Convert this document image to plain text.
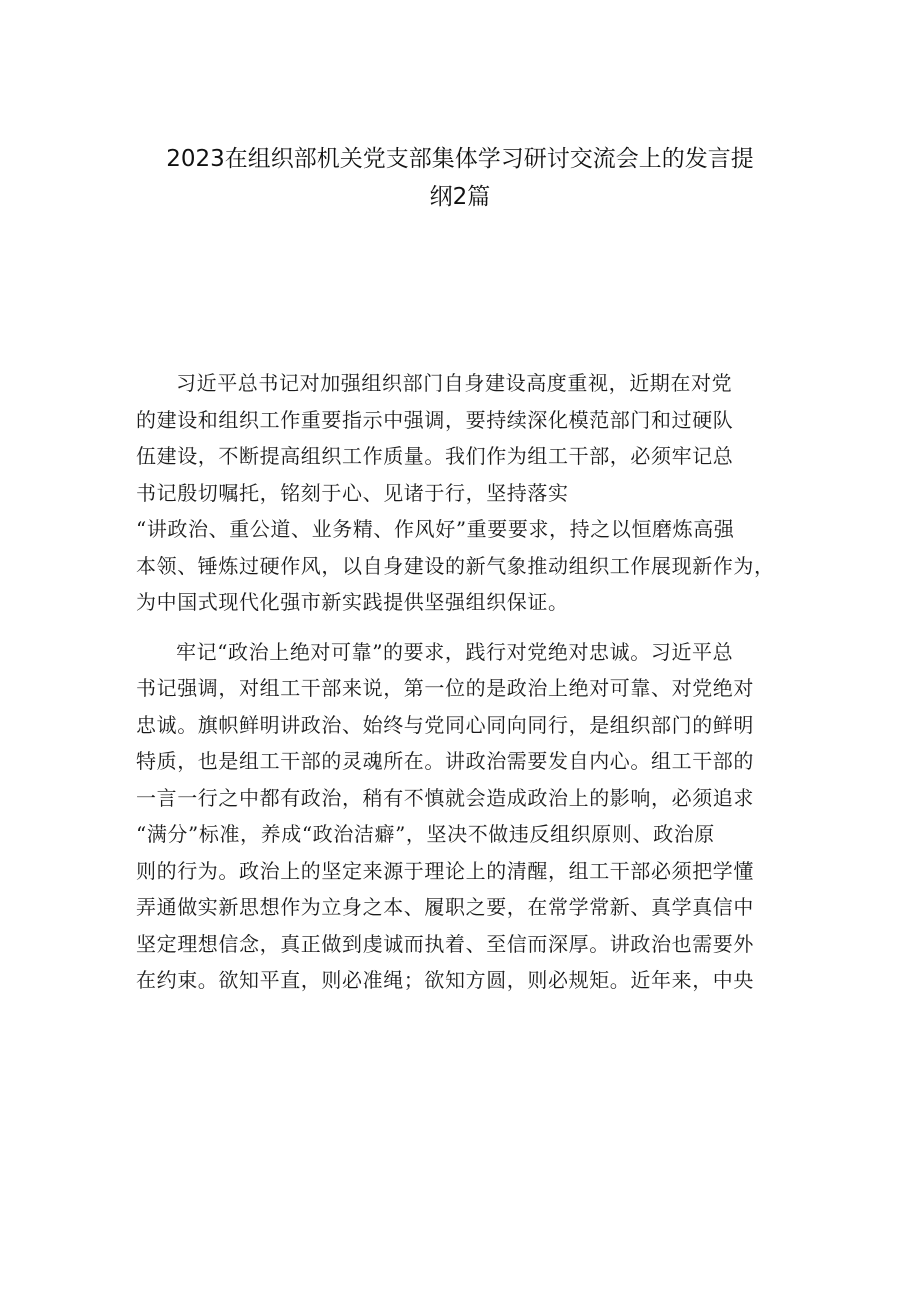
2023在组织部机关党支部集体学习研讨交流会上的发言提
纲2篇
习近平总书记对加强组织部门自身建设高度重视，近期在对党
的建设和组织工作重要指示中强调，要持续深化模范部门和过硬队
伍建设，不断提高组织工作质量。我们作为组工干部，必须牢记总
书记殷切嘱托，铭刻于心、见诸于行，坚持落实
“讲政治、重公道、业务精、作风好”重要要求，持之以恒磨炼高强
本领、锤炼过硬作风，以自身建设的新气象推动组织工作展现新作为，
为中国式现代化强市新实践提供坚强组织保证。
牢记“政治上绝对可靠”的要求，践行对党绝对忠诚。习近平总
书记强调，对组工干部来说，第一位的是政治上绝对可靠、对党绝对
忠诚。旗帜鲜明讲政治、始终与党同心同向同行，是组织部门的鲜明
特质，也是组工干部的灵魂所在。讲政治需要发自内心。组工干部的
一言一行之中都有政治，稍有不慎就会造成政治上的影响，必须追求
“满分”标准，养成“政治洁癖”，坚决不做违反组织原则、政治原
则的行为。政治上的坚定来源于理论上的清醒，组工干部必须把学懂
弄通做实新思想作为立身之本、履职之要，在常学常新、真学真信中
坚定理想信念，真正做到虔诚而执着、至信而深厚。讲政治也需要外
在约束。欲知平直，则必准绳；欲知方圆，则必规矩。近年来，中央
